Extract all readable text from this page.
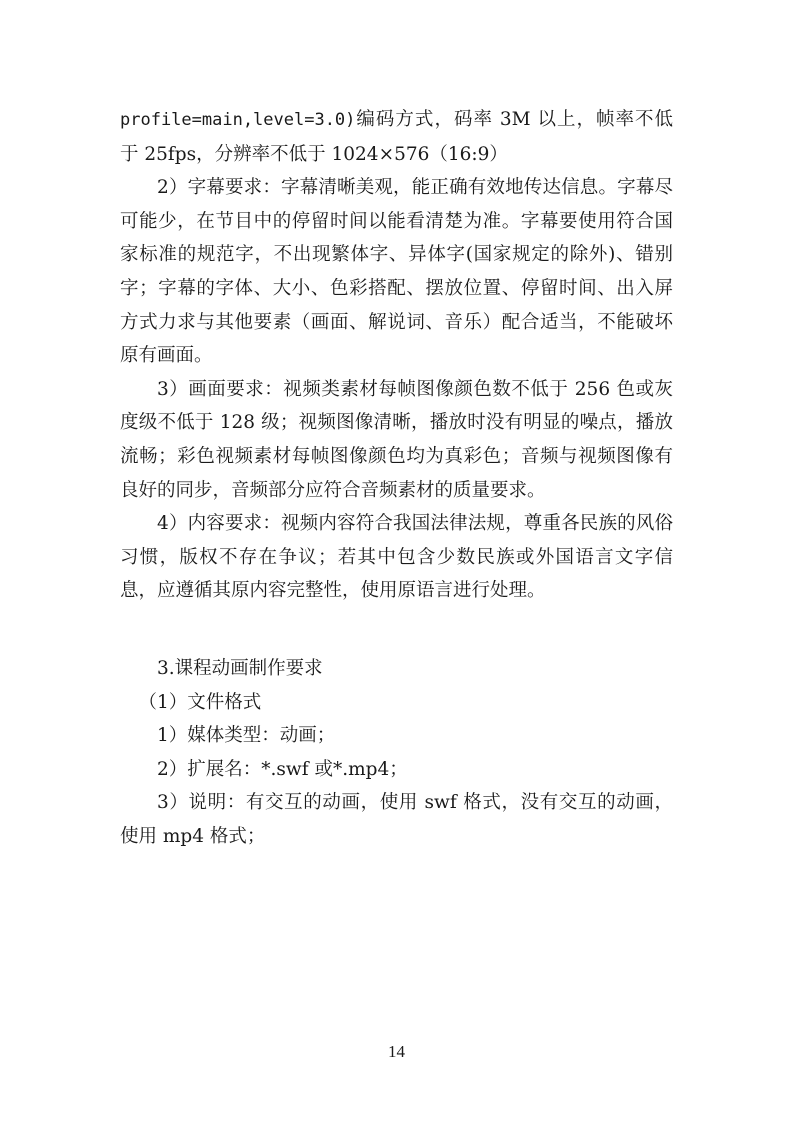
profile=main,level=3.0)编码方式，码率 3M 以上，帧率不低于 25fps，分辨率不低于 1024×576（16:9）

2）字幕要求：字幕清晰美观，能正确有效地传达信息。字幕尽可能少，在节目中的停留时间以能看清楚为准。字幕要使用符合国家标准的规范字，不出现繁体字、异体字(国家规定的除外)、错别字；字幕的字体、大小、色彩搭配、摆放位置、停留时间、出入屏方式力求与其他要素（画面、解说词、音乐）配合适当，不能破坏原有画面。

3）画面要求：视频类素材每帧图像颜色数不低于 256 色或灰度级不低于 128 级；视频图像清晰，播放时没有明显的噪点，播放流畅；彩色视频素材每帧图像颜色均为真彩色；音频与视频图像有良好的同步，音频部分应符合音频素材的质量要求。

4）内容要求：视频内容符合我国法律法规，尊重各民族的风俗习惯，版权不存在争议；若其中包含少数民族或外国语言文字信息，应遵循其原内容完整性，使用原语言进行处理。

3.课程动画制作要求

（1）文件格式

1）媒体类型：动画；

2）扩展名：*.swf 或*.mp4；

3）说明：有交互的动画，使用 swf 格式，没有交互的动画，使用 mp4 格式；

14
